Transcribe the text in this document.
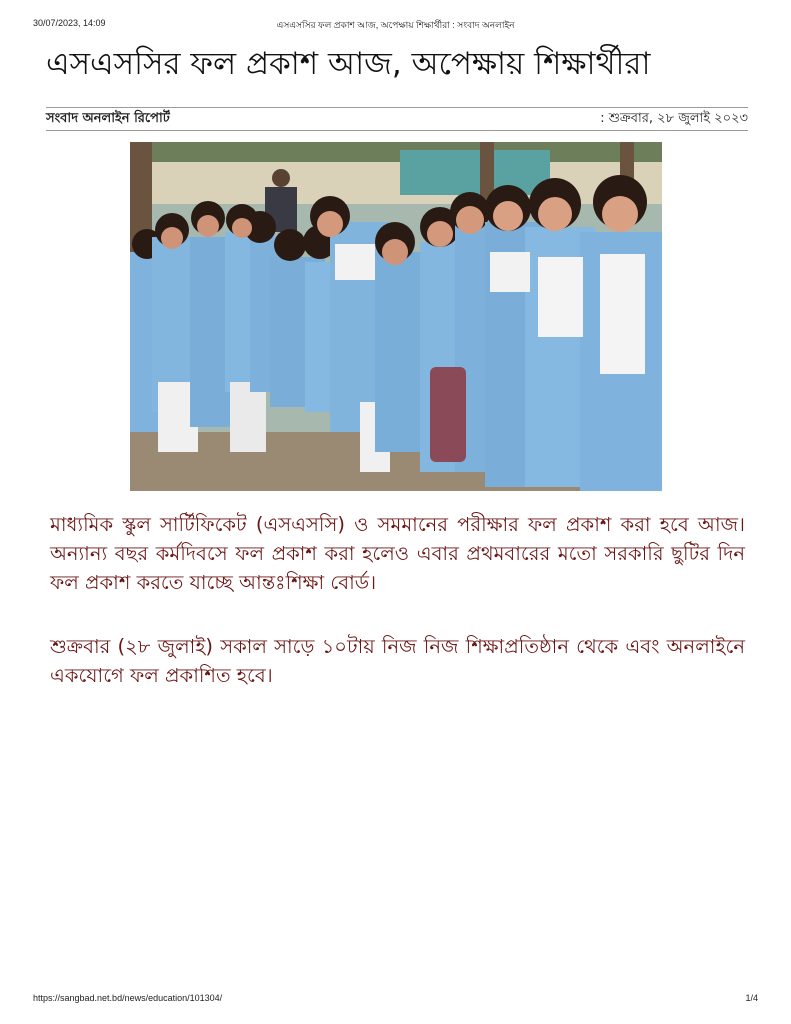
30/07/2023, 14:09	এসএসসির ফল প্রকাশ আজ, অপেক্ষায় শিক্ষার্থীরা : সংবাদ অনলাইন
এসএসসির ফল প্রকাশ আজ, অপেক্ষায় শিক্ষার্থীরা
সংবাদ অনলাইন রিপোর্ট	: শুক্রবার, ২৮ জুলাই ২০২৩

মাধ্যমিক স্কুল সার্টিফিকেট (এসএসসি) ও সমমানের পরীক্ষার ফল প্রকাশ করা হবে আজ। অন্যান্য বছর কর্মদিবসে ফল প্রকাশ করা হলেও এবার প্রথমবারের মতো সরকারি ছুটির দিন ফল প্রকাশ করতে যাচ্ছে আন্তঃশিক্ষা বোর্ড।

শুক্রবার (২৮ জুলাই) সকাল সাড়ে ১০টায় নিজ নিজ শিক্ষাপ্রতিষ্ঠান থেকে এবং অনলাইনে একযোগে ফল প্রকাশিত হবে।

https://sangbad.net.bd/news/education/101304/	1/4
